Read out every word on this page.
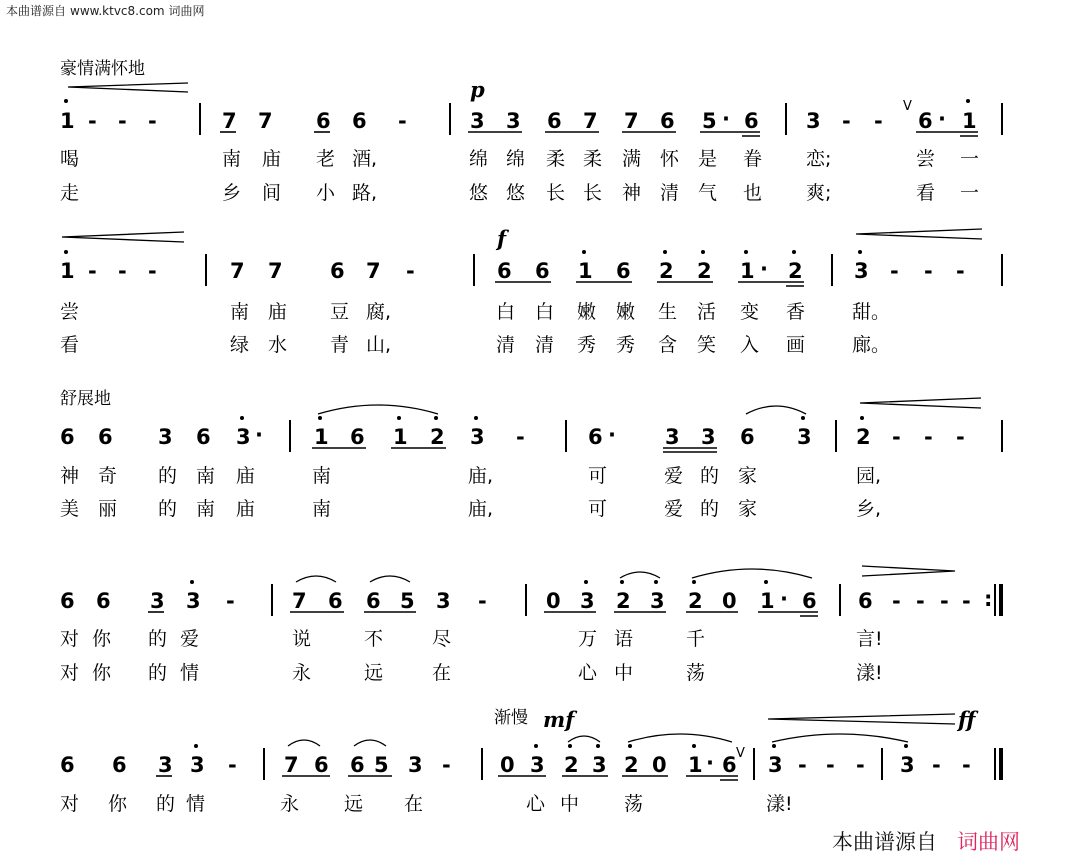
本曲谱源自 www.ktvc8.com 词曲网
豪情满怀地
舒展地
渐慢
p
f
mf	ff
1 - - -	7 7 6 6 -	3 3 6 7 7 6 5 · 6 3 - - 6 · 1
V
喝	南 庙 老 酒,	绵 绵 柔 柔 满 怀 是 眷 恋;	尝 一
走	乡 间 小 路,	悠 悠 长 长 神 清 气 也 爽;	看 一
1 - - -	7 7 6 7 -	6 6 1 6 2 2 1 · 2 3 - - -
尝	南 庙 豆 腐,	白 白 嫩 嫩 生 活 变 香 甜。
看	绿 水 青 山,	清 清 秀 秀 含 笑 入 画 廊。
6 6 3 6 3 · 1 6 1 2 3 -	6 · 3 3 6 3 2 - - -
神 奇 的 南 庙	南	庙,	可	爱 的 家	园,
美 丽 的 南 庙	南	庙,	可	爱 的 家	乡,
6 6 3 3 -	7 6 6 5 3 -	0 3 2 3 2 0 1 · 6 6 - - - - :
对 你 的 爱	说	不	尽	万 语	千	言!
对 你 的 情	永	远	在	心 中	荡	漾!
6 6 3 3 - 7 6 6 5 3 - 0 3 2 3 2 0 1 · 6 3 - - - 3 - -
V
对 你 的 情	永 远 在	心 中 荡	漾!
本曲谱源自 词曲网
